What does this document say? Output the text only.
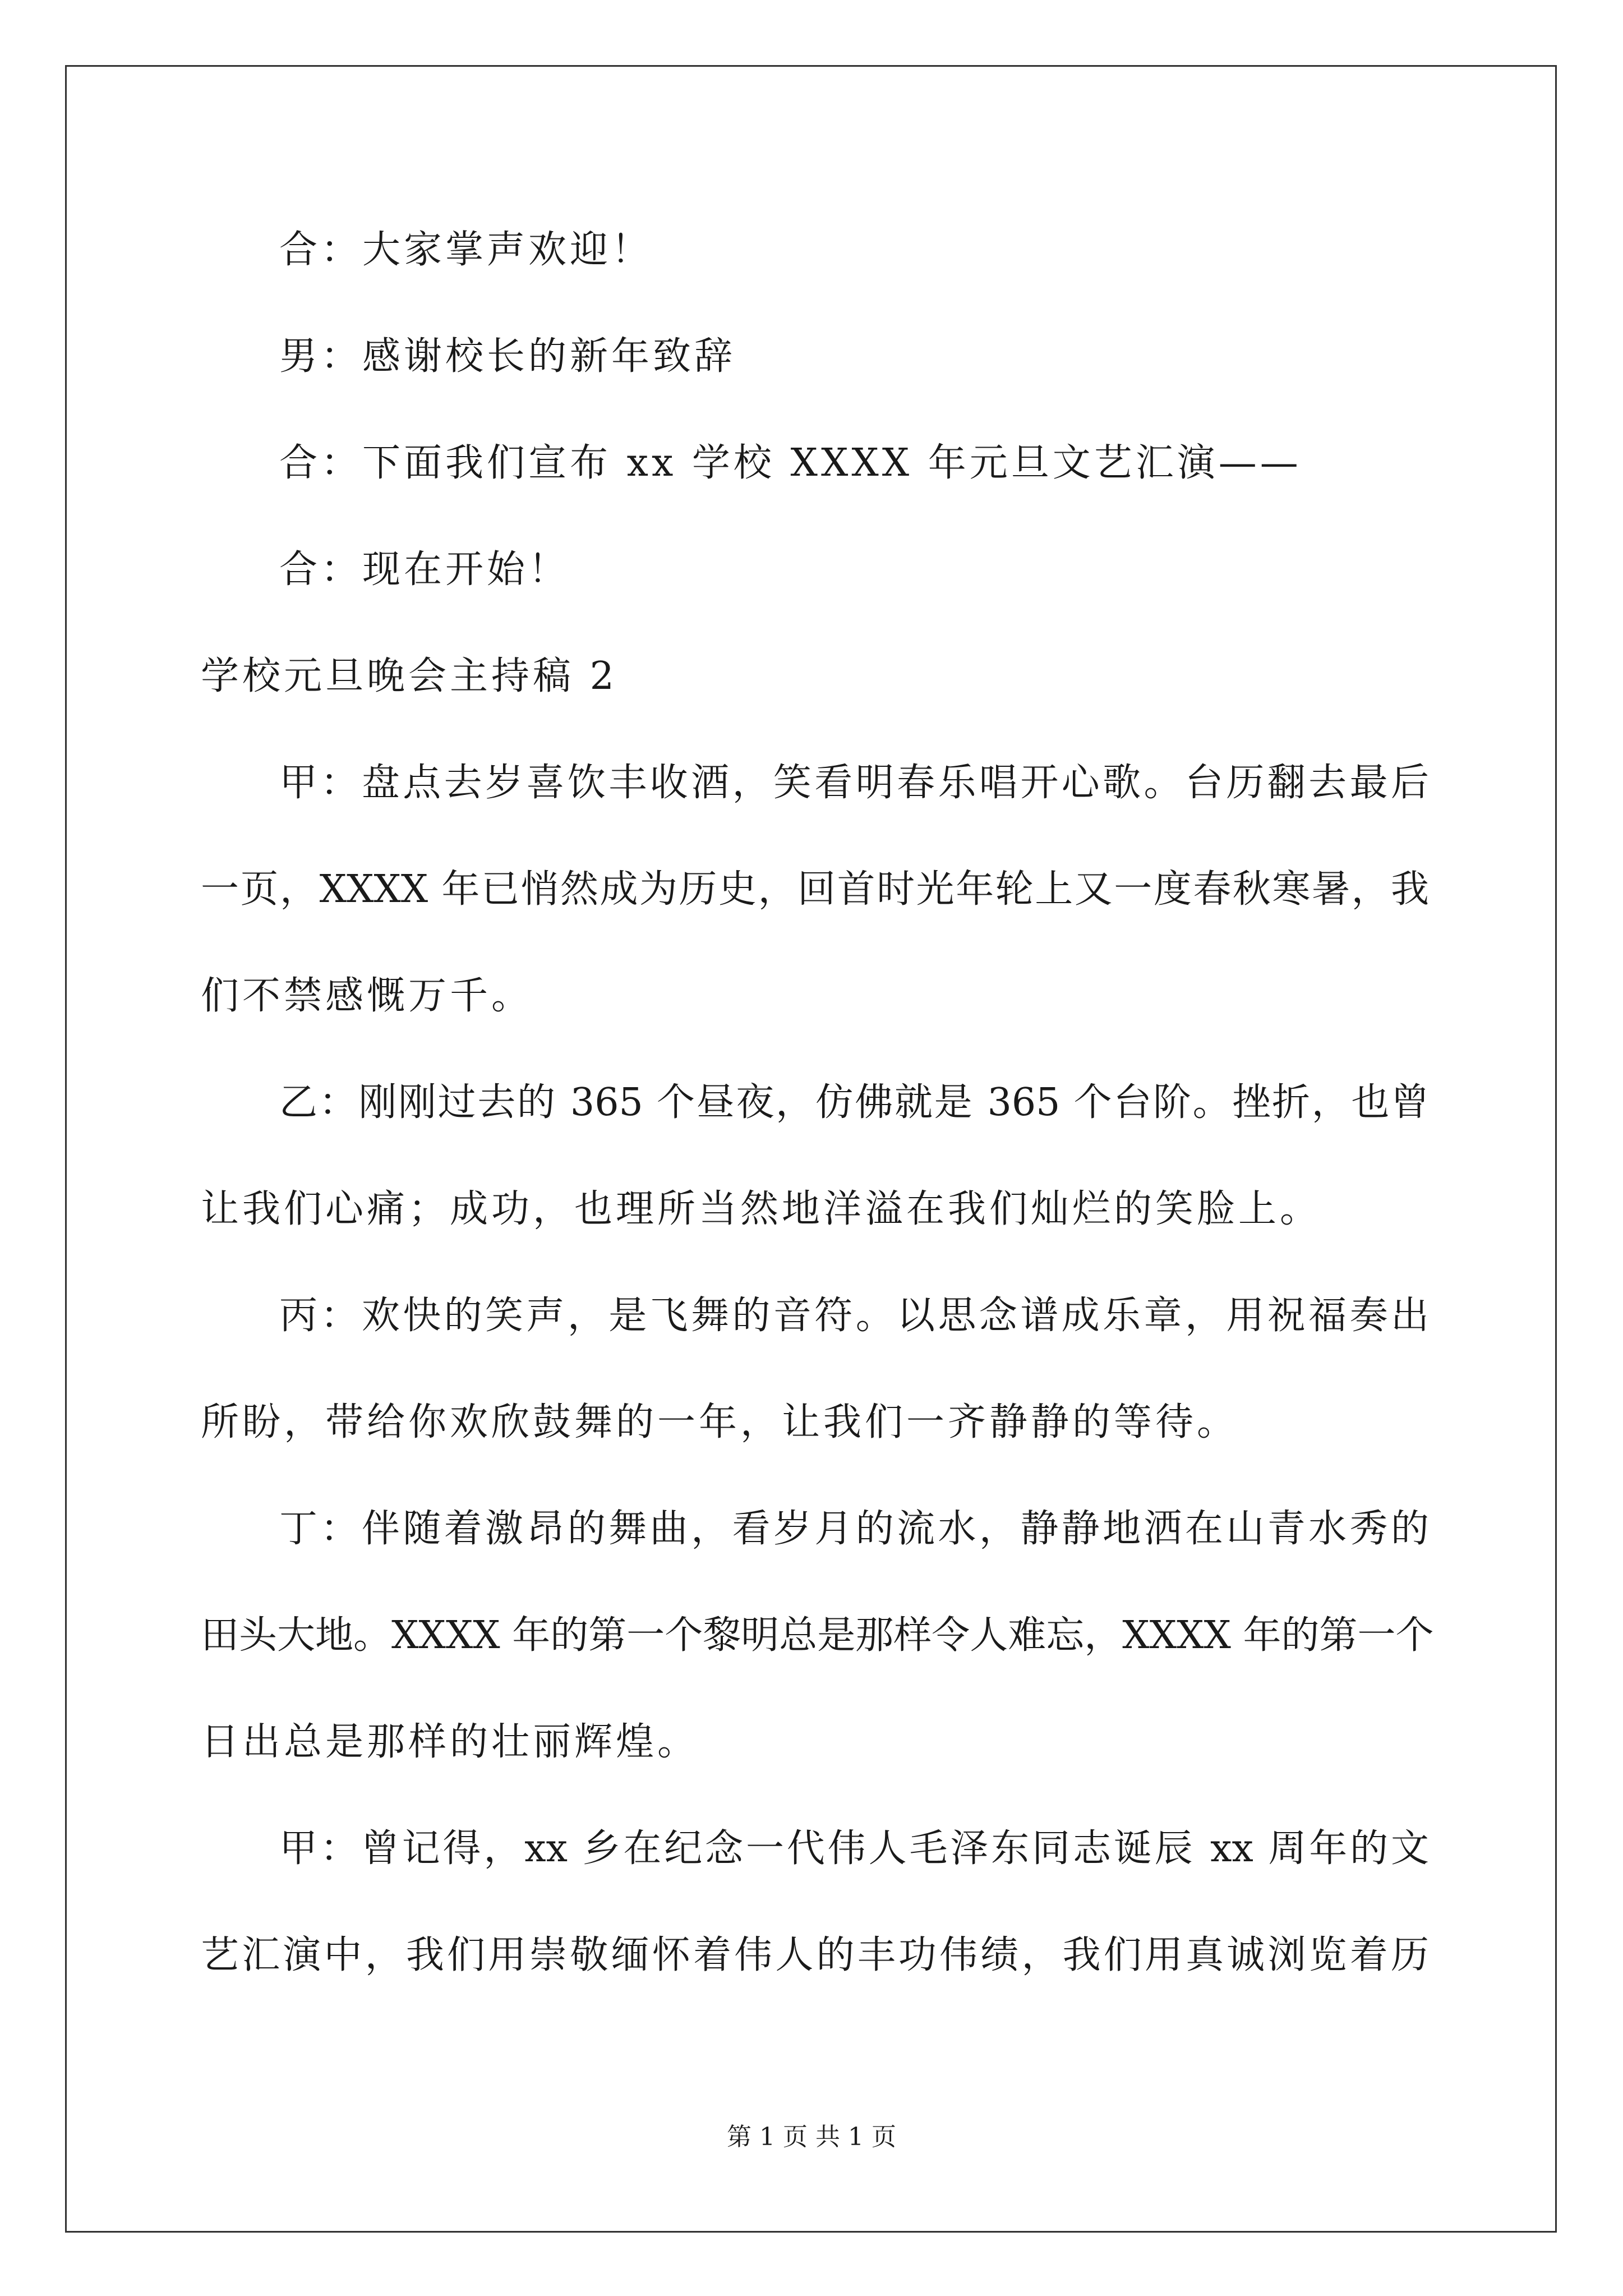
合：大家掌声欢迎！
男：感谢校长的新年致辞
合：下面我们宣布 xx 学校 XXXX 年元旦文艺汇演——
合：现在开始！
学校元旦晚会主持稿 2
甲：盘点去岁喜饮丰收酒，笑看明春乐唱开心歌。台历翻去最后
一页，XXXX 年已悄然成为历史，回首时光年轮上又一度春秋寒暑，我
们不禁感慨万千。
乙：刚刚过去的 365 个昼夜，仿佛就是 365 个台阶。挫折，也曾
让我们心痛；成功，也理所当然地洋溢在我们灿烂的笑脸上。
丙：欢快的笑声，是飞舞的音符。以思念谱成乐章，用祝福奏出
所盼，带给你欢欣鼓舞的一年，让我们一齐静静的等待。
丁：伴随着激昂的舞曲，看岁月的流水，静静地洒在山青水秀的
田头大地。XXXX 年的第一个黎明总是那样令人难忘，XXXX 年的第一个
日出总是那样的壮丽辉煌。
甲：曾记得，xx 乡在纪念一代伟人毛泽东同志诞辰 xx 周年的文
艺汇演中，我们用崇敬缅怀着伟人的丰功伟绩，我们用真诚浏览着历
第 1 页 共 1 页
